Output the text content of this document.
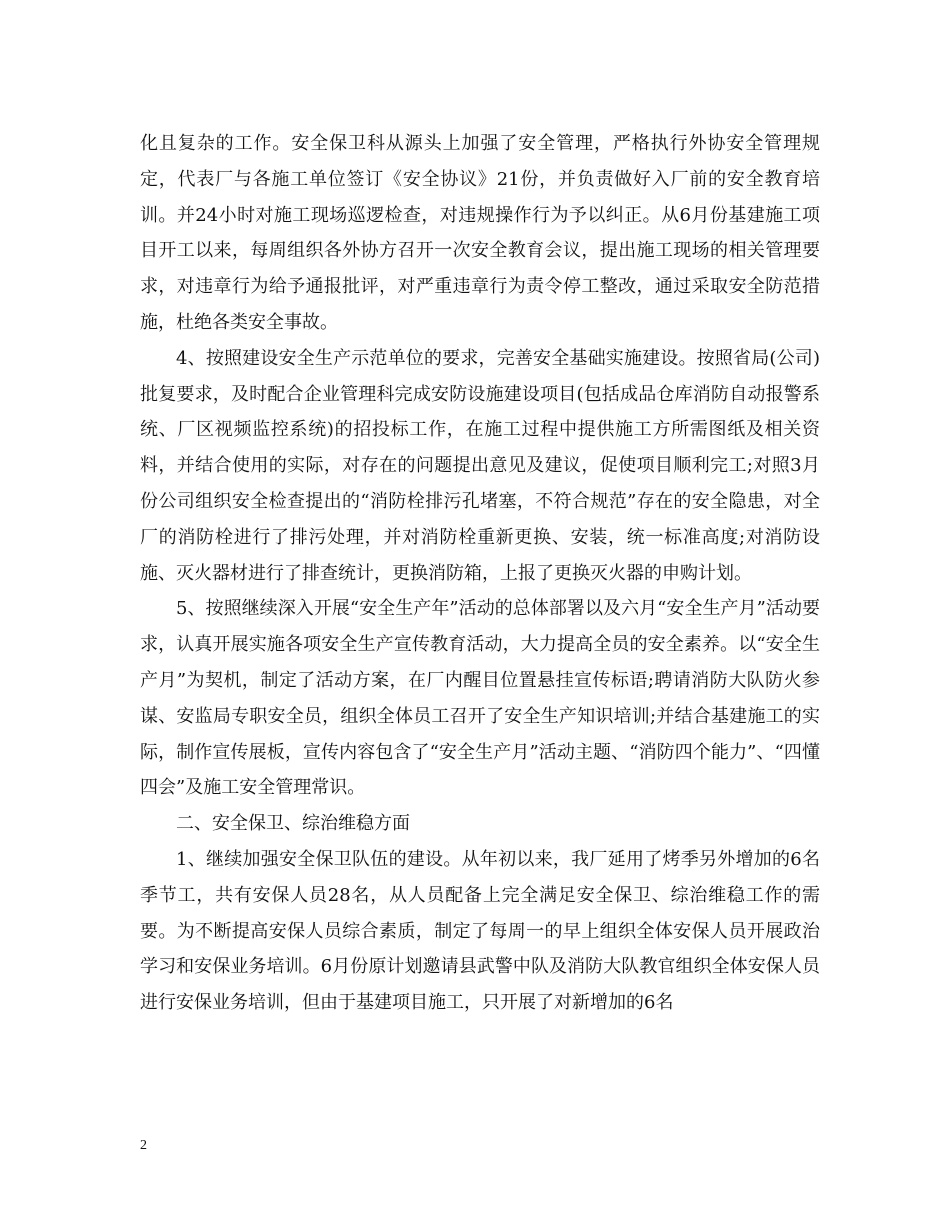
化且复杂的工作。安全保卫科从源头上加强了安全管理，严格执行外协安全管理规定，代表厂与各施工单位签订《安全协议》21份，并负责做好入厂前的安全教育培训。并24小时对施工现场巡逻检查，对违规操作行为予以纠正。从6月份基建施工项目开工以来，每周组织各外协方召开一次安全教育会议，提出施工现场的相关管理要求，对违章行为给予通报批评，对严重违章行为责令停工整改，通过采取安全防范措施，杜绝各类安全事故。

4、按照建设安全生产示范单位的要求，完善安全基础实施建设。按照省局(公司)批复要求，及时配合企业管理科完成安防设施建设项目(包括成品仓库消防自动报警系统、厂区视频监控系统)的招投标工作，在施工过程中提供施工方所需图纸及相关资料，并结合使用的实际，对存在的问题提出意见及建议，促使项目顺利完工;对照3月份公司组织安全检查提出的“消防栓排污孔堵塞，不符合规范”存在的安全隐患，对全厂的消防栓进行了排污处理，并对消防栓重新更换、安装，统一标准高度;对消防设施、灭火器材进行了排查统计，更换消防箱，上报了更换灭火器的申购计划。

5、按照继续深入开展“安全生产年”活动的总体部署以及六月“安全生产月”活动要求，认真开展实施各项安全生产宣传教育活动，大力提高全员的安全素养。以“安全生产月”为契机，制定了活动方案，在厂内醒目位置悬挂宣传标语;聘请消防大队防火参谋、安监局专职安全员，组织全体员工召开了安全生产知识培训;并结合基建施工的实际，制作宣传展板，宣传内容包含了“安全生产月”活动主题、“消防四个能力”、“四懂四会”及施工安全管理常识。

二、安全保卫、综治维稳方面

1、继续加强安全保卫队伍的建设。从年初以来，我厂延用了烤季另外增加的6名季节工，共有安保人员28名，从人员配备上完全满足安全保卫、综治维稳工作的需要。为不断提高安保人员综合素质，制定了每周一的早上组织全体安保人员开展政治学习和安保业务培训。6月份原计划邀请县武警中队及消防大队教官组织全体安保人员进行安保业务培训，但由于基建项目施工，只开展了对新增加的6名

2
